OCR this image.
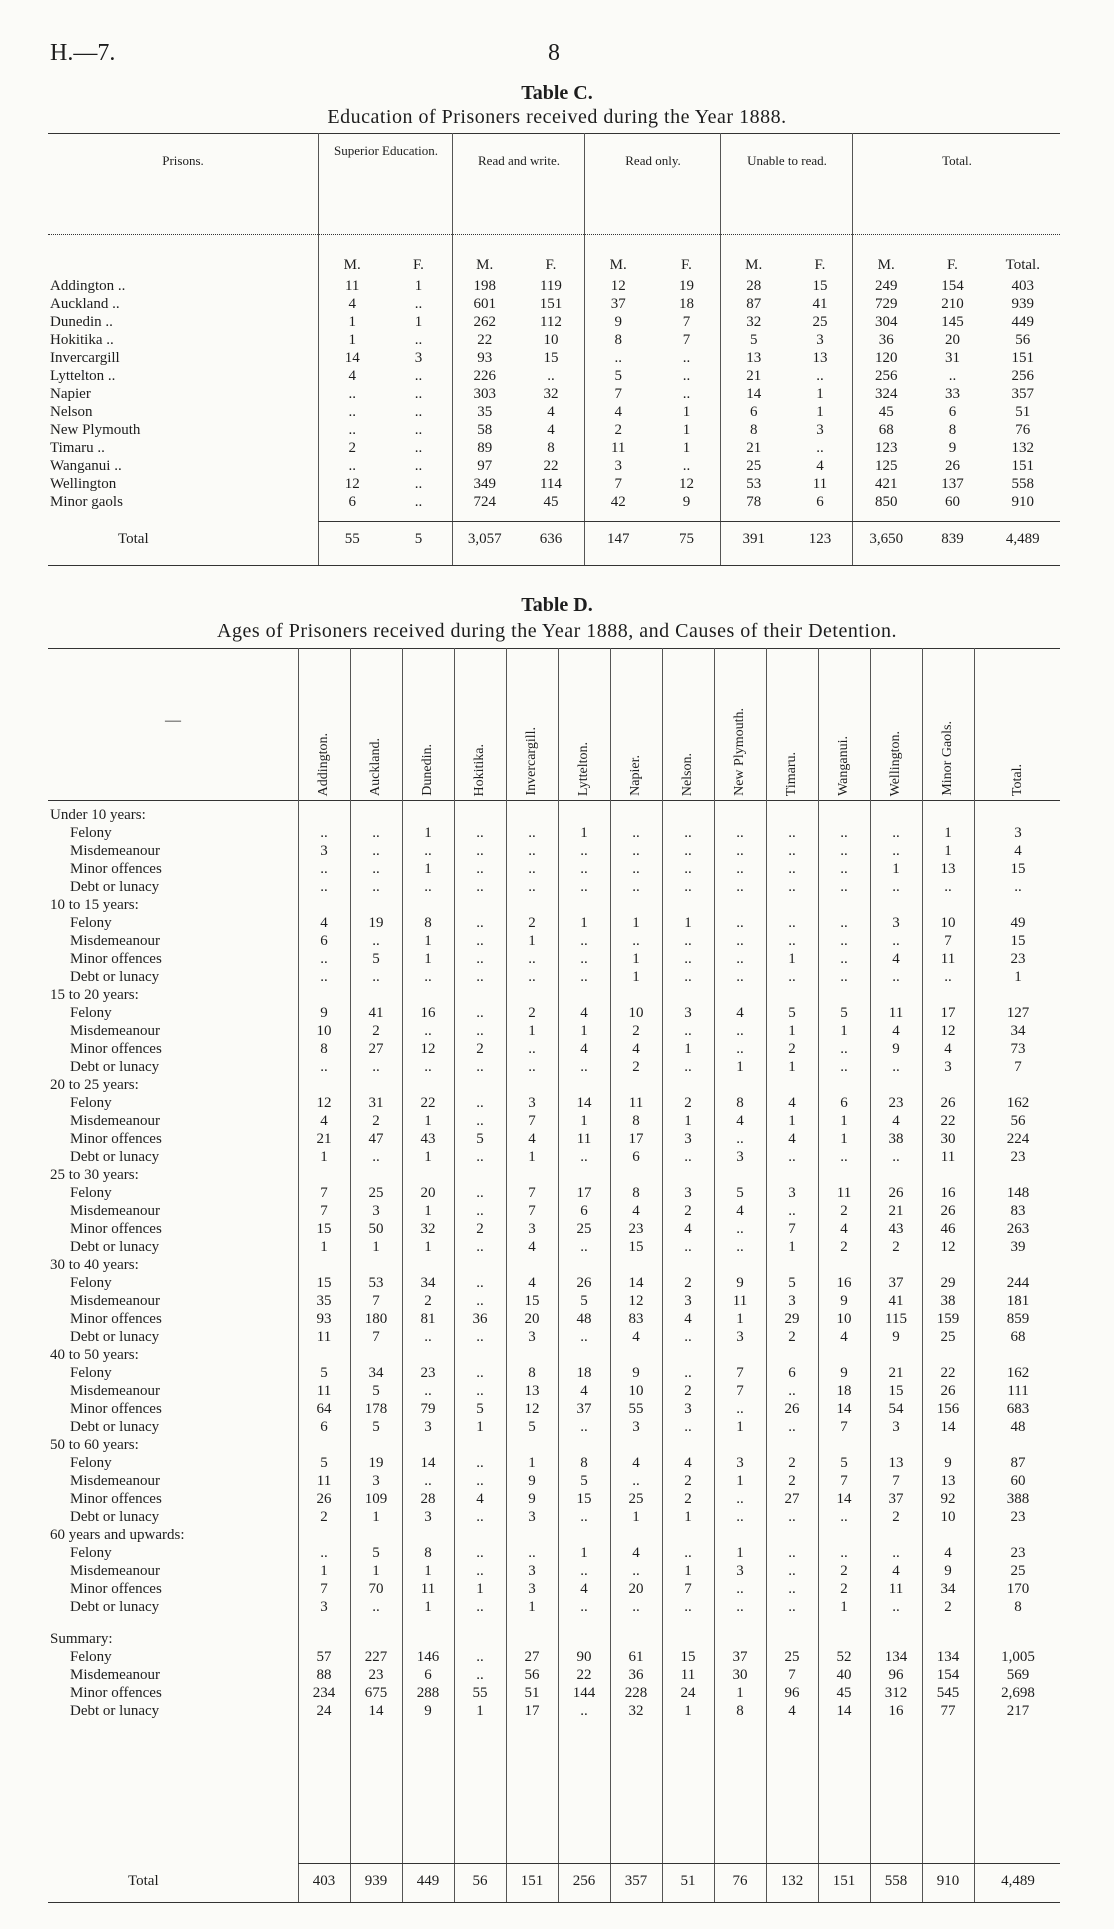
H.—7.	8
Table C.
Education of Prisoners received during the Year 1888.
Prisons.
Superior Education.
Read and write.	Read only.	Unable to read.	Total.
	M.	F.	M.	F.	M.	F.	M.	F.	M.	F.	Total.
Addington ..	11	1	198	119	12	19	28	15	249	154	403
Auckland ..	4	..	601	151	37	18	87	41	729	210	939
Dunedin ..	1	1	262	112	9	7	32	25	304	145	449
Hokitika ..	1	..	22	10	8	7	5	3	36	20	56
Invercargill	14	3	93	15	..	..	13	13	120	31	151
Lyttelton ..	4	..	226	..	5	..	21	..	256	..	256
Napier	..	..	303	32	7	..	14	1	324	33	357
Nelson	..	..	35	4	4	1	6	1	45	6	51
New Plymouth	..	..	58	4	2	1	8	3	68	8	76
Timaru ..	2	..	89	8	11	1	21	..	123	9	132
Wanganui ..	..	..	97	22	3	..	25	4	125	26	151
Wellington	12	..	349	114	7	12	53	11	421	137	558
Minor gaols	6	..	724	45	42	9	78	6	850	60	910
Total	55	5	3,057	636	147	75	391	123	3,650	839	4,489
Table D.
Ages of Prisoners received during the Year 1888, and Causes of their Detention.
—
Addington.	Auckland.	Dunedin.	Hokitika.	Invercargill.	Lyttelton.	Napier.	Nelson.	New Plymouth.	Timaru.	Wanganui.	Wellington.	Minor Gaols.	Total.
Under 10 years:														
Felony	..	..	1	..	..	1	..	..	..	..	..	..	1	3
Misdemeanour	3	..	..	..	..	..	..	..	..	..	..	..	1	4
Minor offences	..	..	1	..	..	..	..	..	..	..	..	1	13	15
Debt or lunacy	..	..	..	..	..	..	..	..	..	..	..	..	..	..
10 to 15 years:														
Felony	4	19	8	..	2	1	1	1	..	..	..	3	10	49
Misdemeanour	6	..	1	..	1	..	..	..	..	..	..	..	7	15
Minor offences	..	5	1	..	..	..	1	..	..	1	..	4	11	23
Debt or lunacy	..	..	..	..	..	..	1	..	..	..	..	..	..	1
15 to 20 years:														
Felony	9	41	16	..	2	4	10	3	4	5	5	11	17	127
Misdemeanour	10	2	..	..	1	1	2	..	..	1	1	4	12	34
Minor offences	8	27	12	2	..	4	4	1	..	2	..	9	4	73
Debt or lunacy	..	..	..	..	..	..	2	..	1	1	..	..	3	7
20 to 25 years:														
Felony	12	31	22	..	3	14	11	2	8	4	6	23	26	162
Misdemeanour	4	2	1	..	7	1	8	1	4	1	1	4	22	56
Minor offences	21	47	43	5	4	11	17	3	..	4	1	38	30	224
Debt or lunacy	1	..	1	..	1	..	6	..	3	..	..	..	11	23
25 to 30 years:														
Felony	7	25	20	..	7	17	8	3	5	3	11	26	16	148
Misdemeanour	7	3	1	..	7	6	4	2	4	..	2	21	26	83
Minor offences	15	50	32	2	3	25	23	4	..	7	4	43	46	263
Debt or lunacy	1	1	1	..	4	..	15	..	..	1	2	2	12	39
30 to 40 years:														
Felony	15	53	34	..	4	26	14	2	9	5	16	37	29	244
Misdemeanour	35	7	2	..	15	5	12	3	11	3	9	41	38	181
Minor offences	93	180	81	36	20	48	83	4	1	29	10	115	159	859
Debt or lunacy	11	7	..	..	3	..	4	..	3	2	4	9	25	68
40 to 50 years:														
Felony	5	34	23	..	8	18	9	..	7	6	9	21	22	162
Misdemeanour	11	5	..	..	13	4	10	2	7	..	18	15	26	111
Minor offences	64	178	79	5	12	37	55	3	..	26	14	54	156	683
Debt or lunacy	6	5	3	1	5	..	3	..	1	..	7	3	14	48
50 to 60 years:														
Felony	5	19	14	..	1	8	4	4	3	2	5	13	9	87
Misdemeanour	11	3	..	..	9	5	..	2	1	2	7	7	13	60
Minor offences	26	109	28	4	9	15	25	2	..	27	14	37	92	388
Debt or lunacy	2	1	3	..	3	..	1	1	..	..	..	2	10	23
60 years and upwards:														
Felony	..	5	8	..	..	1	4	..	1	..	..	..	4	23
Misdemeanour	1	1	1	..	3	..	..	1	3	..	2	4	9	25
Minor offences	7	70	11	1	3	4	20	7	..	..	2	11	34	170
Debt or lunacy	3	..	1	..	1	..	..	..	..	..	1	..	2	8
Summary:														
Felony	57	227	146	..	27	90	61	15	37	25	52	134	134	1,005
Misdemeanour	88	23	6	..	56	22	36	11	30	7	40	96	154	569
Minor offences	234	675	288	55	51	144	228	24	1	96	45	312	545	2,698
Debt or lunacy	24	14	9	1	17	..	32	1	8	4	14	16	77	217
Total	403	939	449	56	151	256	357	51	76	132	151	558	910	4,489
